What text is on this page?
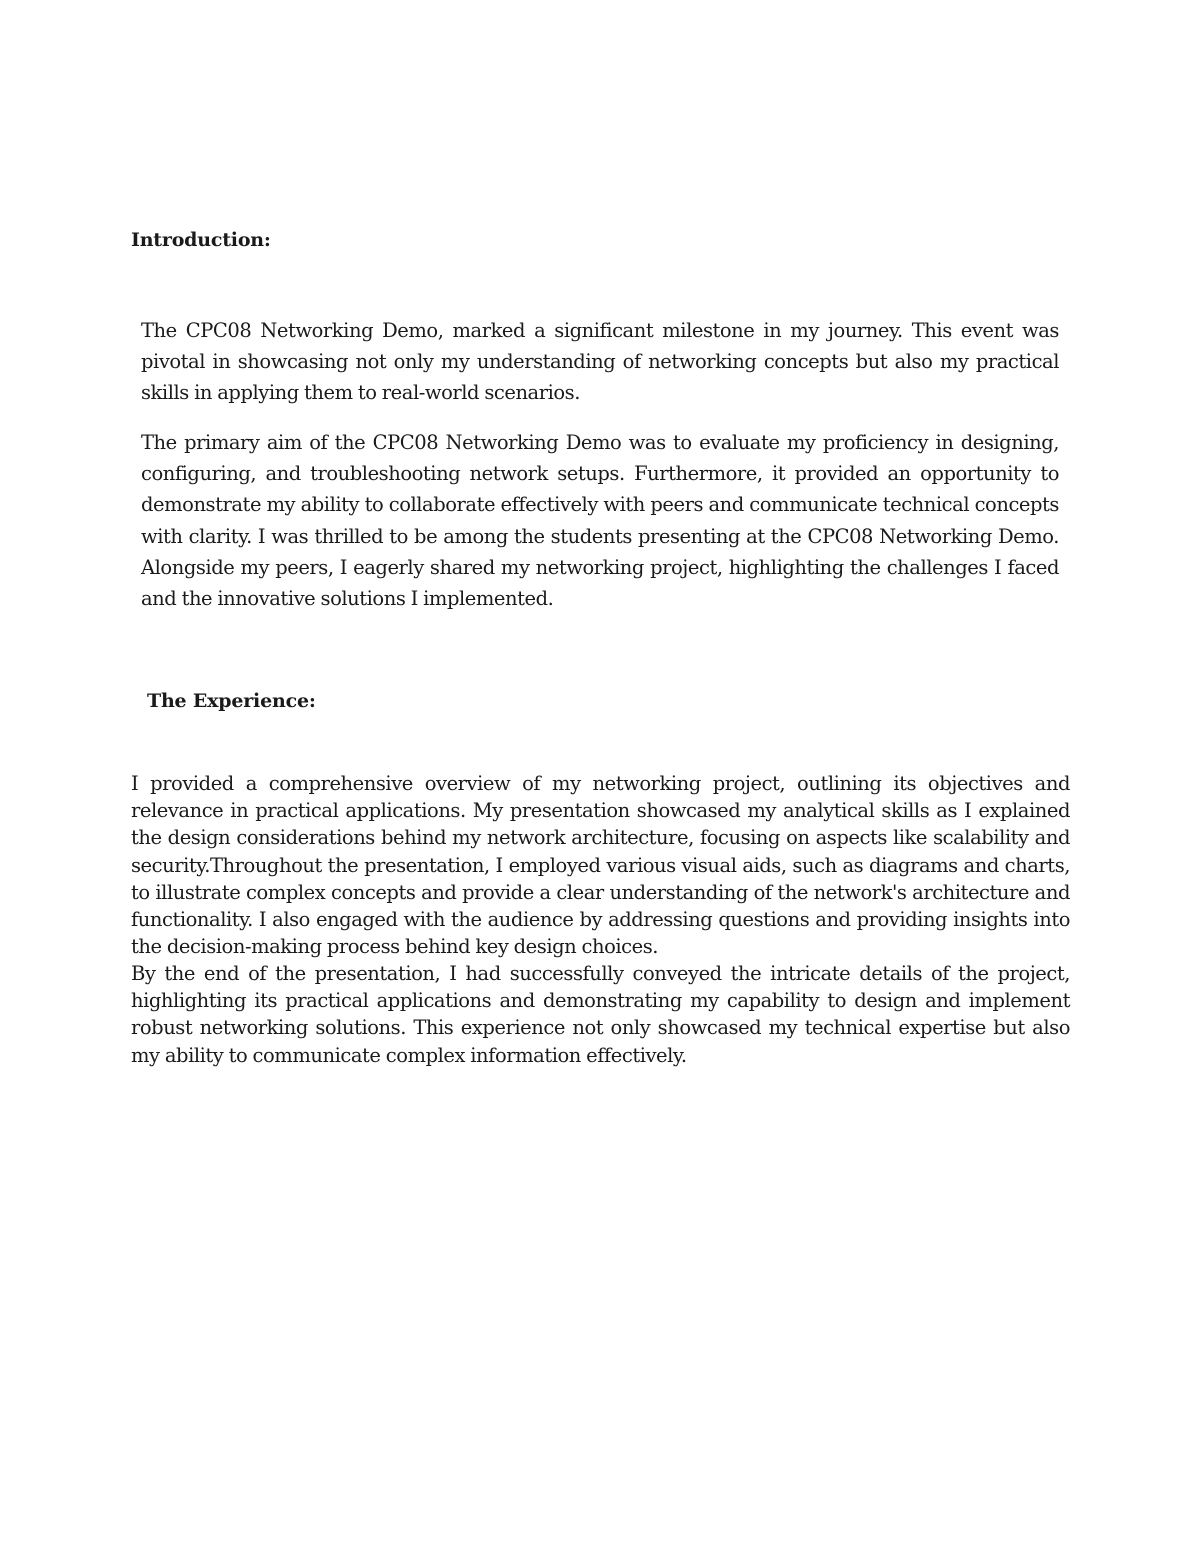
Introduction:

The CPC08 Networking Demo, marked a significant milestone in my journey. This event was pivotal in showcasing not only my understanding of networking concepts but also my practical skills in applying them to real-world scenarios.

The primary aim of the CPC08 Networking Demo was to evaluate my proficiency in designing, configuring, and troubleshooting network setups. Furthermore, it provided an opportunity to demonstrate my ability to collaborate effectively with peers and communicate technical concepts with clarity. I was thrilled to be among the students presenting at the CPC08 Networking Demo. Alongside my peers, I eagerly shared my networking project, highlighting the challenges I faced and the innovative solutions I implemented.

The Experience:

I provided a comprehensive overview of my networking project, outlining its objectives and relevance in practical applications. My presentation showcased my analytical skills as I explained the design considerations behind my network architecture, focusing on aspects like scalability and security.Throughout the presentation, I employed various visual aids, such as diagrams and charts, to illustrate complex concepts and provide a clear understanding of the network's architecture and functionality. I also engaged with the audience by addressing questions and providing insights into the decision-making process behind key design choices.

By the end of the presentation, I had successfully conveyed the intricate details of the project, highlighting its practical applications and demonstrating my capability to design and implement robust networking solutions. This experience not only showcased my technical expertise but also my ability to communicate complex information effectively.
